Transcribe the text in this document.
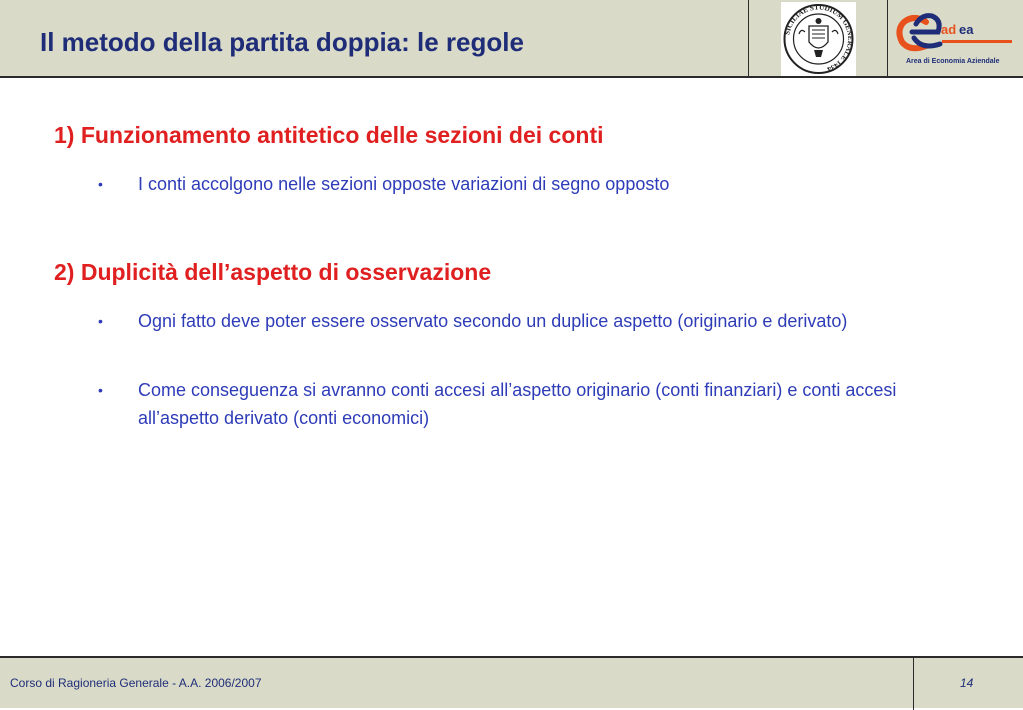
Il metodo della partita doppia: le regole	SICILIAE STUDIUM GENERALE 1434
ad ea
Area di Economia Aziendale
1) Funzionamento antitetico delle sezioni dei conti
•	I conti accolgono nelle sezioni opposte variazioni di segno opposto
2) Duplicità dell’aspetto di osservazione
•	Ogni fatto deve poter essere osservato secondo un duplice aspetto (originario e derivato)
•	Come conseguenza si avranno conti accesi all’aspetto originario (conti finanziari) e conti accesi all’aspetto derivato (conti economici)
Corso di Ragioneria Generale - A.A. 2006/2007	14
